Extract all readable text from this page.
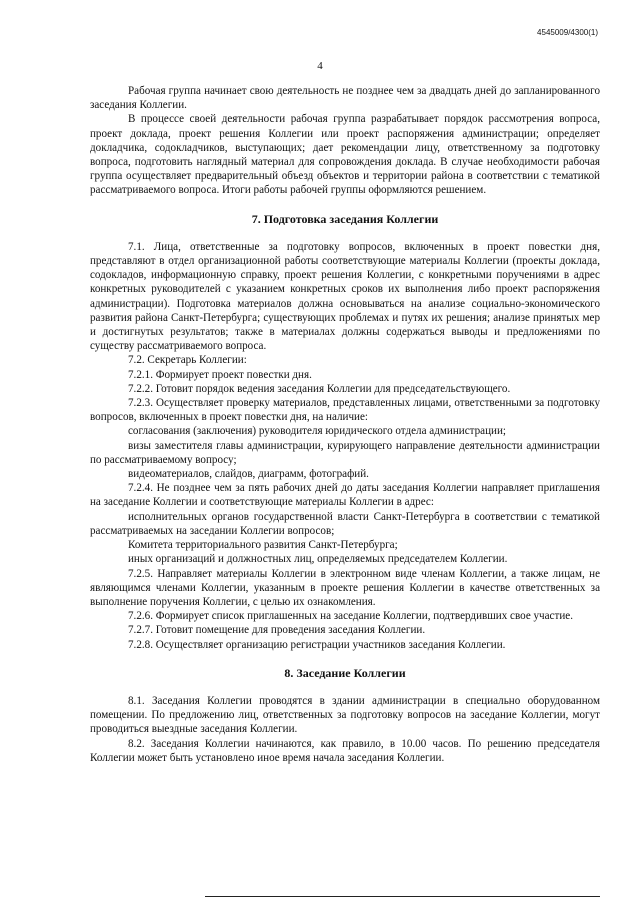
4545009/4300(1)
4

Рабочая группа начинает свою деятельность не позднее чем за двадцать дней до запланированного заседания Коллегии.

В процессе своей деятельности рабочая группа разрабатывает порядок рассмотрения вопроса, проект доклада, проект решения Коллегии или проект распоряжения администрации; определяет докладчика, содокладчиков, выступающих; дает рекомендации лицу, ответственному за подготовку вопроса, подготовить наглядный материал для сопровождения доклада. В случае необходимости рабочая группа осуществляет предварительный объезд объектов и территории района в соответствии с тематикой рассматриваемого вопроса. Итоги работы рабочей группы оформляются решением.

7. Подготовка заседания Коллегии

7.1. Лица, ответственные за подготовку вопросов, включенных в проект повестки дня, представляют в отдел организационной работы соответствующие материалы Коллегии (проекты доклада, содокладов, информационную справку, проект решения Коллегии, с конкретными поручениями в адрес конкретных руководителей с указанием конкретных сроков их выполнения либо проект распоряжения администрации). Подготовка материалов должна основываться на анализе социально-экономического развития района Санкт-Петербурга; существующих проблемах и путях их решения; анализе принятых мер и достигнутых результатов; также в материалах должны содержаться выводы и предложениями по существу рассматриваемого вопроса.

7.2. Секретарь Коллегии:

7.2.1. Формирует проект повестки дня.

7.2.2. Готовит порядок ведения заседания Коллегии для председательствующего.

7.2.3. Осуществляет проверку материалов, представленных лицами, ответственными за подготовку вопросов, включенных в проект повестки дня, на наличие:

согласования (заключения) руководителя юридического отдела администрации;

визы заместителя главы администрации, курирующего направление деятельности администрации по рассматриваемому вопросу;

видеоматериалов, слайдов, диаграмм, фотографий.

7.2.4. Не позднее чем за пять рабочих дней до даты заседания Коллегии направляет приглашения на заседание Коллегии и соответствующие материалы Коллегии в адрес:

исполнительных органов государственной власти Санкт-Петербурга в соответствии с тематикой рассматриваемых на заседании Коллегии вопросов;

Комитета территориального развития Санкт-Петербурга;

иных организаций и должностных лиц, определяемых председателем Коллегии.

7.2.5. Направляет материалы Коллегии в электронном виде членам Коллегии, а также лицам, не являющимся членами Коллегии, указанным в проекте решения Коллегии в качестве ответственных за выполнение поручения Коллегии, с целью их ознакомления.

7.2.6. Формирует список приглашенных на заседание Коллегии, подтвердивших свое участие.

7.2.7. Готовит помещение для проведения заседания Коллегии.

7.2.8. Осуществляет организацию регистрации участников заседания Коллегии.

8. Заседание Коллегии

8.1. Заседания Коллегии проводятся в здании администрации в специально оборудованном помещении. По предложению лиц, ответственных за подготовку вопросов на заседание Коллегии, могут проводиться выездные заседания Коллегии.

8.2. Заседания Коллегии начинаются, как правило, в 10.00 часов. По решению председателя Коллегии может быть установлено иное время начала заседания Коллегии.
